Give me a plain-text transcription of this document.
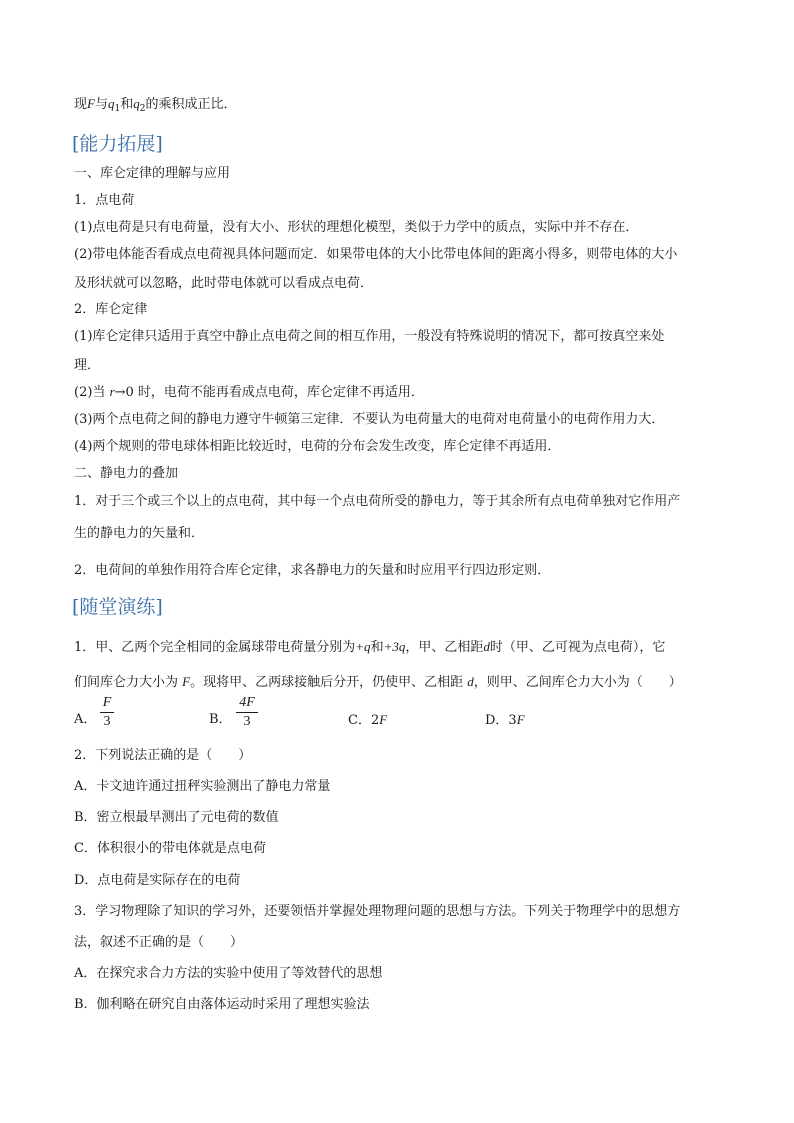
现F与$q_1$和$q_2$的乘积成正比．
[能力拓展]
一、库仑定律的理解与应用
1．点电荷
(1)点电荷是只有电荷量，没有大小、形状的理想化模型，类似于力学中的质点，实际中并不存在．
(2)带电体能否看成点电荷视具体问题而定．如果带电体的大小比带电体间的距离小得多，则带电体的大小
及形状就可以忽略，此时带电体就可以看成点电荷．
2．库仑定律
(1)库仑定律只适用于真空中静止点电荷之间的相互作用，一般没有特殊说明的情况下，都可按真空来处
理．
(2)当 r→0 时，电荷不能再看成点电荷，库仑定律不再适用．
(3)两个点电荷之间的静电力遵守牛顿第三定律．不要认为电荷量大的电荷对电荷量小的电荷作用力大．
(4)两个规则的带电球体相距比较近时，电荷的分布会发生改变，库仑定律不再适用．
二、静电力的叠加
1．对于三个或三个以上的点电荷，其中每一个点电荷所受的静电力，等于其余所有点电荷单独对它作用产
生的静电力的矢量和．
2．电荷间的单独作用符合库仑定律，求各静电力的矢量和时应用平行四边形定则．
[随堂演练]
1．甲、乙两个完全相同的金属球带电荷量分别为+q和+3q，甲、乙相距d时（甲、乙可视为点电荷），它
们间库仑力大小为 F。现将甲、乙两球接触后分开，仍使甲、乙相距 d，则甲、乙间库仑力大小为（　　）
A．
F
3	B．
4F
3	C．2F	D．3F
2．下列说法正确的是（　　）
A．卡文迪许通过扭秤实验测出了静电力常量
B．密立根最早测出了元电荷的数值
C．体积很小的带电体就是点电荷
D．点电荷是实际存在的电荷
3．学习物理除了知识的学习外，还要领悟并掌握处理物理问题的思想与方法。下列关于物理学中的思想方
法，叙述不正确的是（　　）
A．在探究求合力方法的实验中使用了等效替代的思想
B．伽利略在研究自由落体运动时采用了理想实验法
